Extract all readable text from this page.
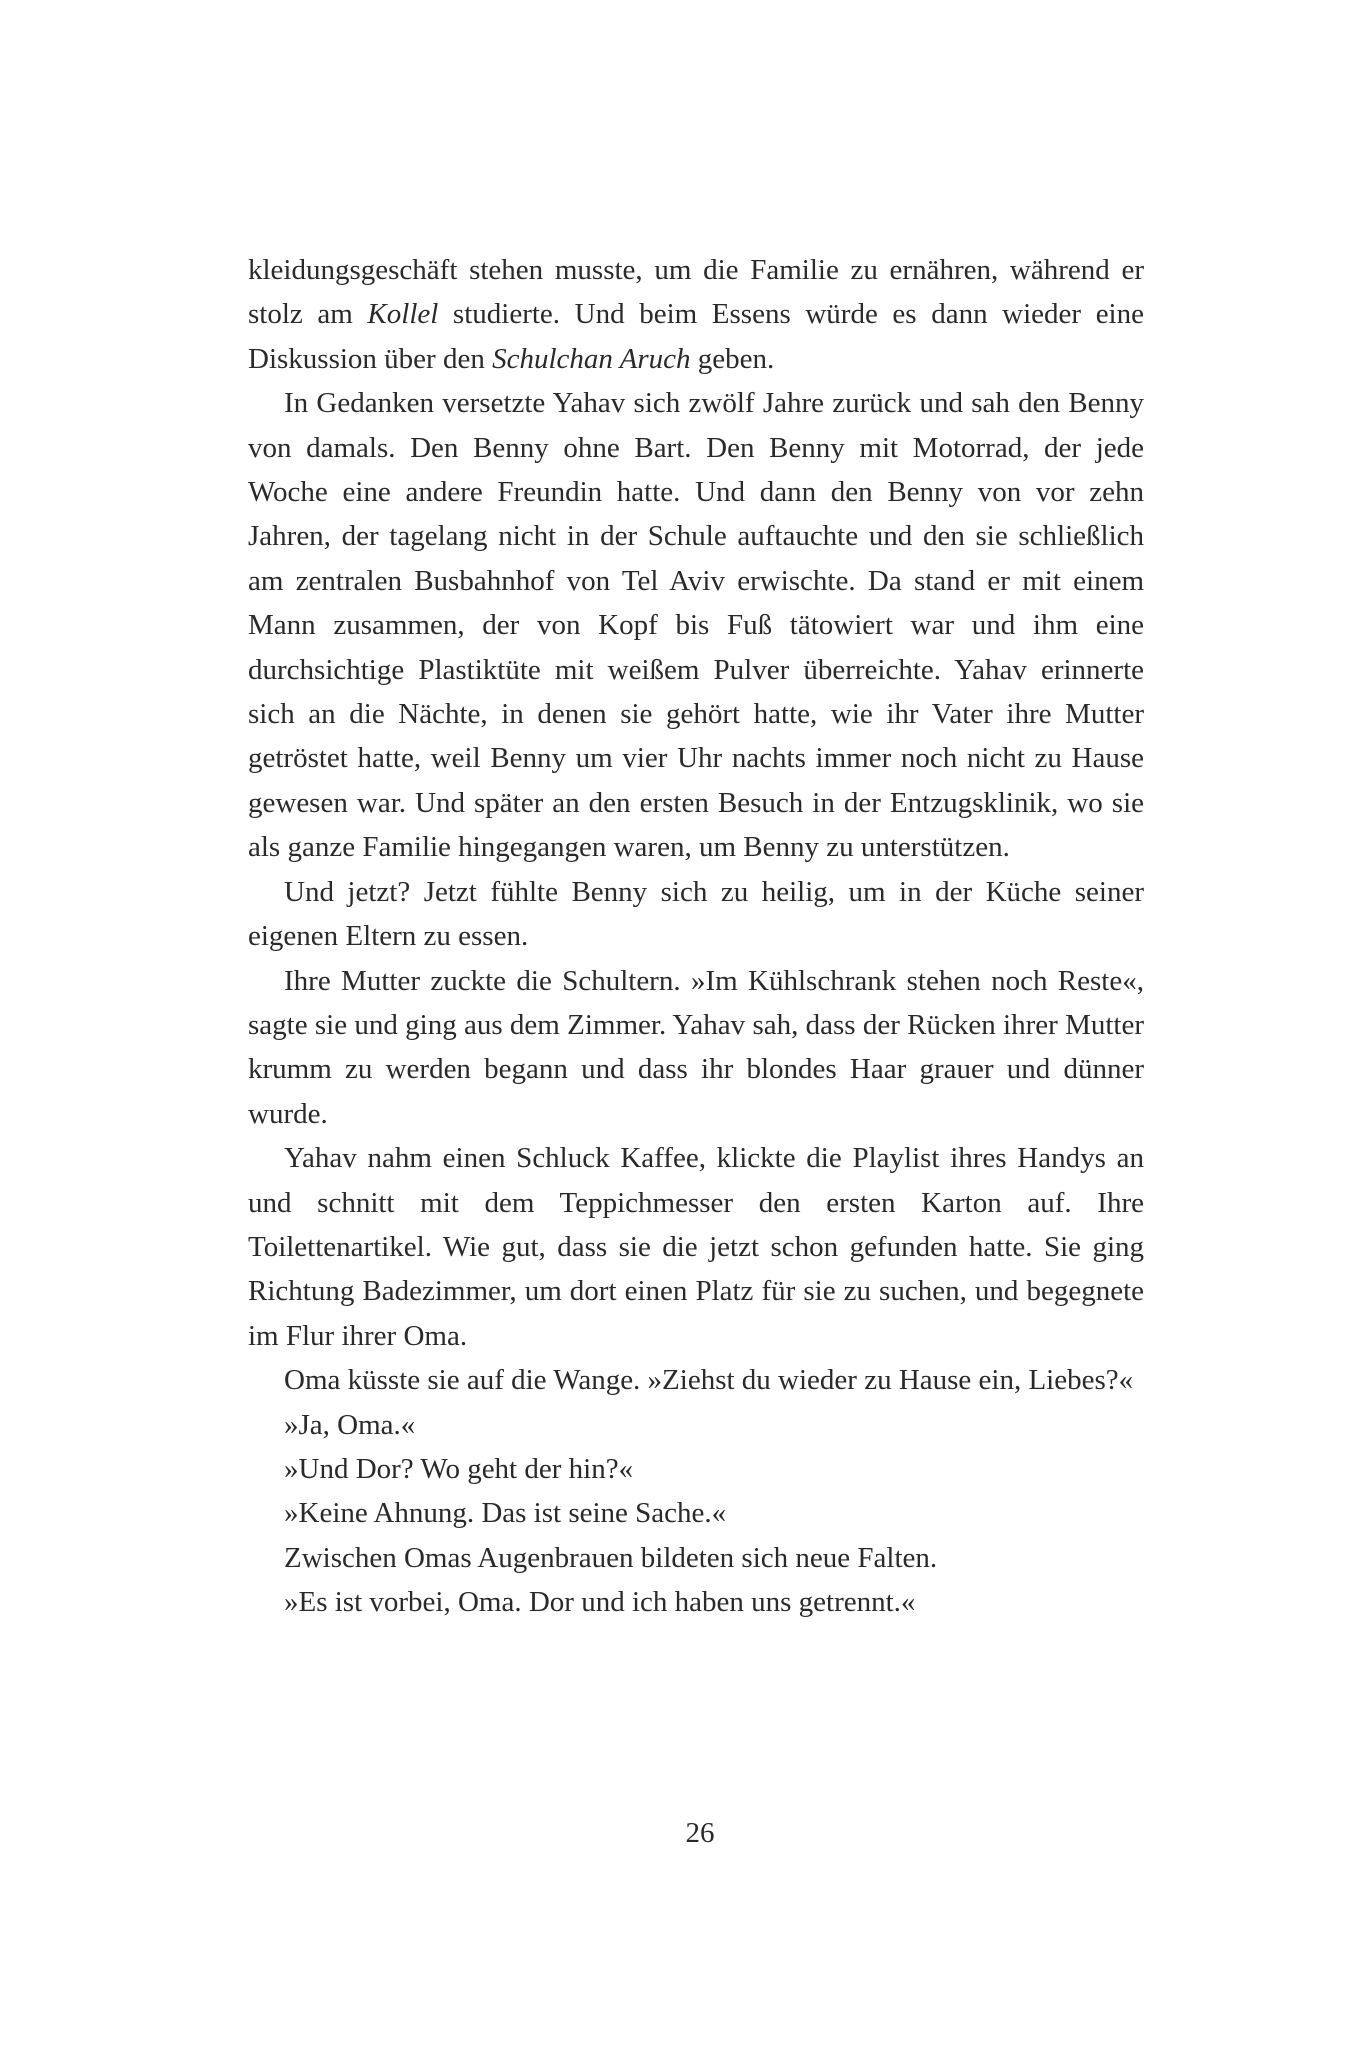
kleidungsgeschäft stehen musste, um die Familie zu ernähren, während er stolz am Kollel studierte. Und beim Essens würde es dann wieder eine Diskussion über den Schulchan Aruch geben.

In Gedanken versetzte Yahav sich zwölf Jahre zurück und sah den Benny von damals. Den Benny ohne Bart. Den Benny mit Motorrad, der jede Woche eine andere Freundin hatte. Und dann den Benny von vor zehn Jahren, der tagelang nicht in der Schule auftauchte und den sie schließlich am zentralen Busbahnhof von Tel Aviv erwischte. Da stand er mit einem Mann zusammen, der von Kopf bis Fuß tätowiert war und ihm eine durchsichtige Plastiktüte mit weißem Pulver überreichte. Yahav erinnerte sich an die Nächte, in denen sie gehört hatte, wie ihr Vater ihre Mutter getröstet hatte, weil Benny um vier Uhr nachts immer noch nicht zu Hause gewesen war. Und später an den ersten Besuch in der Entzugsklinik, wo sie als ganze Familie hingegangen waren, um Benny zu unterstützen.

Und jetzt? Jetzt fühlte Benny sich zu heilig, um in der Küche seiner eigenen Eltern zu essen.

Ihre Mutter zuckte die Schultern. »Im Kühlschrank stehen noch Reste«, sagte sie und ging aus dem Zimmer. Yahav sah, dass der Rücken ihrer Mutter krumm zu werden begann und dass ihr blondes Haar grauer und dünner wurde.

Yahav nahm einen Schluck Kaffee, klickte die Playlist ihres Handys an und schnitt mit dem Teppichmesser den ersten Karton auf. Ihre Toilettenartikel. Wie gut, dass sie die jetzt schon gefunden hatte. Sie ging Richtung Badezimmer, um dort einen Platz für sie zu suchen, und begegnete im Flur ihrer Oma.

Oma küsste sie auf die Wange. »Ziehst du wieder zu Hause ein, Liebes?«

»Ja, Oma.«

»Und Dor? Wo geht der hin?«

»Keine Ahnung. Das ist seine Sache.«

Zwischen Omas Augenbrauen bildeten sich neue Falten.

»Es ist vorbei, Oma. Dor und ich haben uns getrennt.«

26
